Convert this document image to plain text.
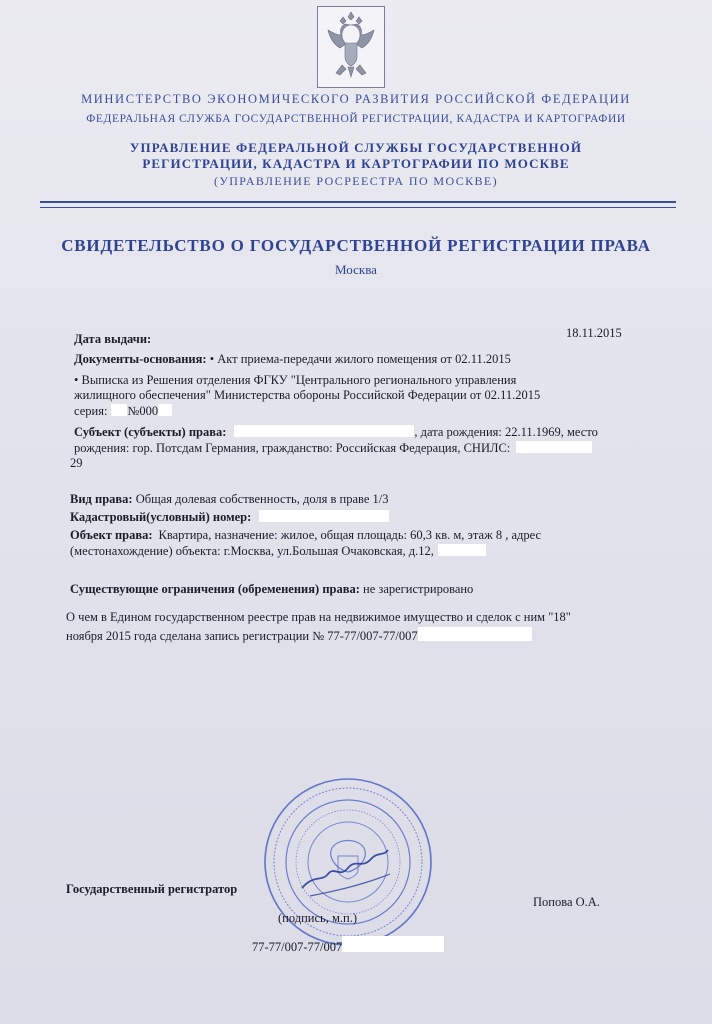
МИНИСТЕРСТВО ЭКОНОМИЧЕСКОГО РАЗВИТИЯ РОССИЙСКОЙ ФЕДЕРАЦИИ
ФЕДЕРАЛЬНАЯ СЛУЖБА ГОСУДАРСТВЕННОЙ РЕГИСТРАЦИИ, КАДАСТРА И КАРТОГРАФИИ
УПРАВЛЕНИЕ ФЕДЕРАЛЬНОЙ СЛУЖБЫ ГОСУДАРСТВЕННОЙ
РЕГИСТРАЦИИ, КАДАСТРА И КАРТОГРАФИИ ПО МОСКВЕ
(УПРАВЛЕНИЕ РОСРЕЕСТРА ПО МОСКВЕ)
СВИДЕТЕЛЬСТВО О ГОСУДАРСТВЕННОЙ РЕГИСТРАЦИИ ПРАВА
Москва
Дата выдачи:	18.11.2015
Документы-основания: • Акт приема-передачи жилого помещения от 02.11.2015
• Выписка из Решения отделения ФГКУ "Центрального регионального управления
жилищного обеспечения" Министерства обороны Российской Федерации от 02.11.2015
серия: №000
Субъект (субъекты) права:	, дата рождения: 22.11.1969, место
рождения: гор. Потсдам Германия, гражданство: Российская Федерация, СНИЛС:
29
Вид права: Общая долевая собственность, доля в праве 1/3
Кадастровый(условный) номер:
Объект права: Квартира, назначение: жилое, общая площадь: 60,3 кв. м, этаж 8 , адрес
(местонахождение) объекта: г.Москва, ул.Большая Очаковская, д.12,
Существующие ограничения (обременения) права: не зарегистрировано
О чем в Едином государственном реестре прав на недвижимое имущество и сделок с ним "18"
ноября 2015 года сделана запись регистрации № 77-77/007-77/007
Государственный регистратор
Попова О.А.
(подпись, м.п.)
77-77/007-77/007
